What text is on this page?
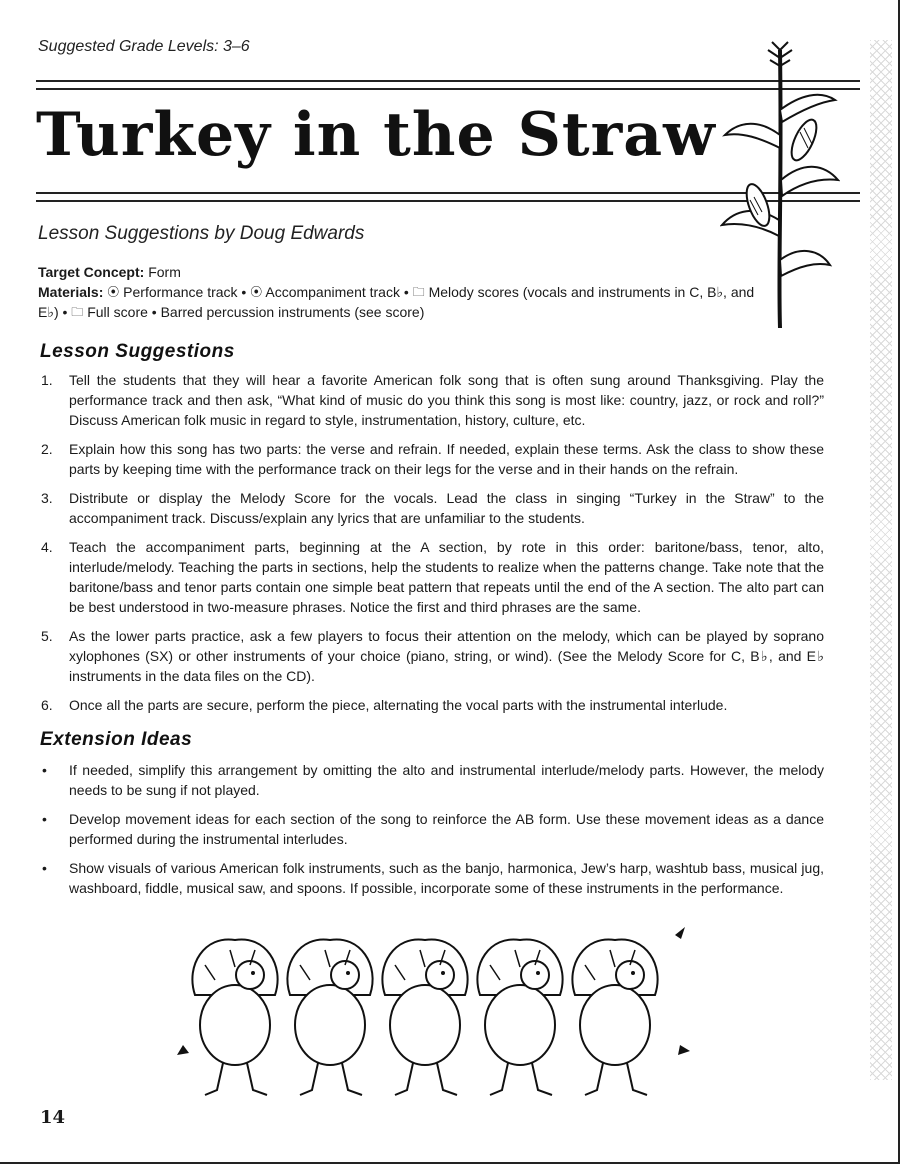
Suggested Grade Levels: 3–6
Turkey in the Straw
Lesson Suggestions by Doug Edwards
Target Concept: Form
Materials: ⦿ Performance track • ⦿ Accompaniment track • 🗀 Melody scores (vocals and instruments in C, B♭, and E♭) • 🗀 Full score • Barred percussion instruments (see score)
Lesson Suggestions
1. Tell the students that they will hear a favorite American folk song that is often sung around Thanksgiving. Play the performance track and then ask, “What kind of music do you think this song is most like: country, jazz, or rock and roll?” Discuss American folk music in regard to style, instrumentation, history, culture, etc.
2. Explain how this song has two parts: the verse and refrain. If needed, explain these terms. Ask the class to show these parts by keeping time with the performance track on their legs for the verse and in their hands on the refrain.
3. Distribute or display the Melody Score for the vocals. Lead the class in singing “Turkey in the Straw” to the accompaniment track. Discuss/explain any lyrics that are unfamiliar to the students.
4. Teach the accompaniment parts, beginning at the A section, by rote in this order: baritone/bass, tenor, alto, interlude/melody. Teaching the parts in sections, help the students to realize when the patterns change. Take note that the baritone/bass and tenor parts contain one simple beat pattern that repeats until the end of the A section. The alto part can be best understood in two-measure phrases. Notice the first and third phrases are the same.
5. As the lower parts practice, ask a few players to focus their attention on the melody, which can be played by soprano xylophones (SX) or other instruments of your choice (piano, string, or wind). (See the Melody Score for C, B♭, and E♭ instruments in the data files on the CD).
6. Once all the parts are secure, perform the piece, alternating the vocal parts with the instrumental interlude.
Extension Ideas
• If needed, simplify this arrangement by omitting the alto and instrumental interlude/melody parts. However, the melody needs to be sung if not played.
• Develop movement ideas for each section of the song to reinforce the AB form. Use these movement ideas as a dance performed during the instrumental interludes.
• Show visuals of various American folk instruments, such as the banjo, harmonica, Jew’s harp, washtub bass, musical jug, washboard, fiddle, musical saw, and spoons. If possible, incorporate some of these instruments in the performance.
14
